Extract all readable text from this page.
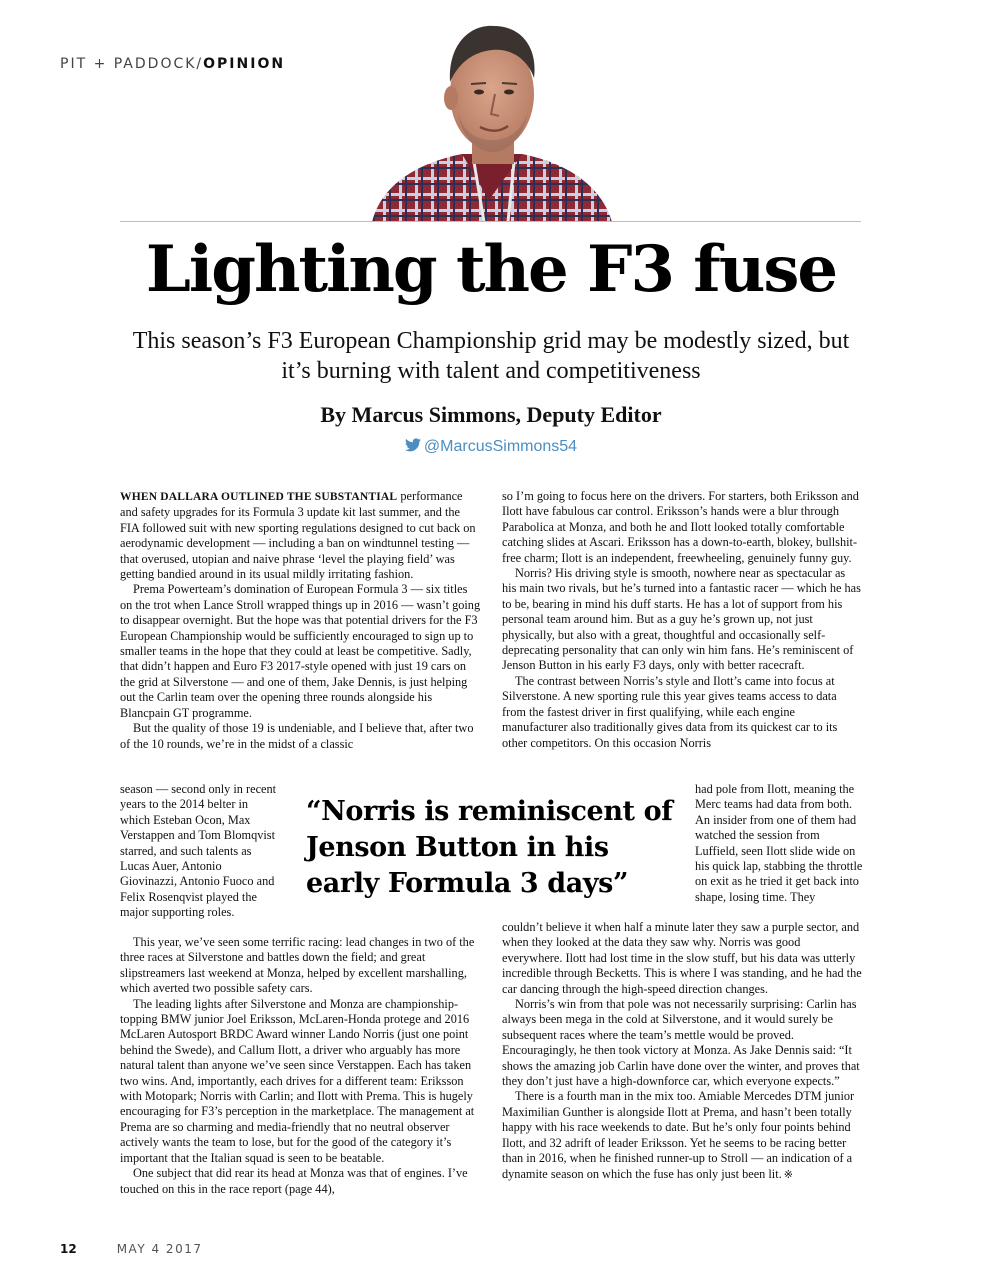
PIT + PADDOCK/OPINION
Lighting the F3 fuse
This season’s F3 European Championship grid may be modestly sized, but it’s burning with talent and competitiveness
By Marcus Simmons, Deputy Editor
@MarcusSimmons54

WHEN DALLARA OUTLINED THE SUBSTANTIAL performance and safety upgrades for its Formula 3 update kit last summer, and the FIA followed suit with new sporting regulations designed to cut back on aerodynamic development — including a ban on windtunnel testing — that overused, utopian and naive phrase ‘level the playing field’ was getting bandied around in its usual mildly irritating fashion.

Prema Powerteam’s domination of European Formula 3 — six titles on the trot when Lance Stroll wrapped things up in 2016 — wasn’t going to disappear overnight. But the hope was that potential drivers for the F3 European Championship would be sufficiently encouraged to sign up to smaller teams in the hope that they could at least be competitive. Sadly, that didn’t happen and Euro F3 2017-style opened with just 19 cars on the grid at Silverstone — and one of them, Jake Dennis, is just helping out the Carlin team over the opening three rounds alongside his Blancpain GT programme.

But the quality of those 19 is undeniable, and I believe that, after two of the 10 rounds, we’re in the midst of a classic

season — second only in recent years to the 2014 belter in which Esteban Ocon, Max Verstappen and Tom Blomqvist starred, and such talents as Lucas Auer, Antonio Giovinazzi, Antonio Fuoco and Felix Rosenqvist played the major supporting roles.

This year, we’ve seen some terrific racing: lead changes in two of the three races at Silverstone and battles down the field; and great slipstreamers last weekend at Monza, helped by excellent marshalling, which averted two possible safety cars.

The leading lights after Silverstone and Monza are championship-topping BMW junior Joel Eriksson, McLaren-Honda protege and 2016 McLaren Autosport BRDC Award winner Lando Norris (just one point behind the Swede), and Callum Ilott, a driver who arguably has more natural talent than anyone we’ve seen since Verstappen. Each has taken two wins. And, importantly, each drives for a different team: Eriksson with Motopark; Norris with Carlin; and Ilott with Prema. This is hugely encouraging for F3’s perception in the marketplace. The management at Prema are so charming and media-friendly that no neutral observer actively wants the team to lose, but for the good of the category it’s important that the Italian squad is seen to be beatable.

One subject that did rear its head at Monza was that of engines. I’ve touched on this in the race report (page 44),

“Norris is reminiscent of Jenson Button in his early Formula 3 days”

so I’m going to focus here on the drivers. For starters, both Eriksson and Ilott have fabulous car control. Eriksson’s hands were a blur through Parabolica at Monza, and both he and Ilott looked totally comfortable catching slides at Ascari. Eriksson has a down-to-earth, blokey, bullshit-free charm; Ilott is an independent, freewheeling, genuinely funny guy.

Norris? His driving style is smooth, nowhere near as spectacular as his main two rivals, but he’s turned into a fantastic racer — which he has to be, bearing in mind his duff starts. He has a lot of support from his personal team around him. But as a guy he’s grown up, not just physically, but also with a great, thoughtful and occasionally self-deprecating personality that can only win him fans. He’s reminiscent of Jenson Button in his early F3 days, only with better racecraft.

The contrast between Norris’s style and Ilott’s came into focus at Silverstone. A new sporting rule this year gives teams access to data from the fastest driver in first qualifying, while each engine manufacturer also traditionally gives data from its quickest car to its other competitors. On this occasion Norris

had pole from Ilott, meaning the Merc teams had data from both. An insider from one of them had watched the session from Luffield, seen Ilott slide wide on his quick lap, stabbing the throttle on exit as he tried it get back into shape, losing time. They

couldn’t believe it when half a minute later they saw a purple sector, and when they looked at the data they saw why. Norris was good everywhere. Ilott had lost time in the slow stuff, but his data was utterly incredible through Becketts. This is where I was standing, and he had the car dancing through the high-speed direction changes.

Norris’s win from that pole was not necessarily surprising: Carlin has always been mega in the cold at Silverstone, and it would surely be subsequent races where the team’s mettle would be proved. Encouragingly, he then took victory at Monza. As Jake Dennis said: “It shows the amazing job Carlin have done over the winter, and proves that they don’t just have a high-downforce car, which everyone expects.”

There is a fourth man in the mix too. Amiable Mercedes DTM junior Maximilian Gunther is alongside Ilott at Prema, and hasn’t been totally happy with his race weekends to date. But he’s only four points behind Ilott, and 32 adrift of leader Eriksson. Yet he seems to be racing better than in 2016, when he finished runner-up to Stroll — an indication of a dynamite season on which the fuse has only just been lit. ※

12	MAY 4 2017
